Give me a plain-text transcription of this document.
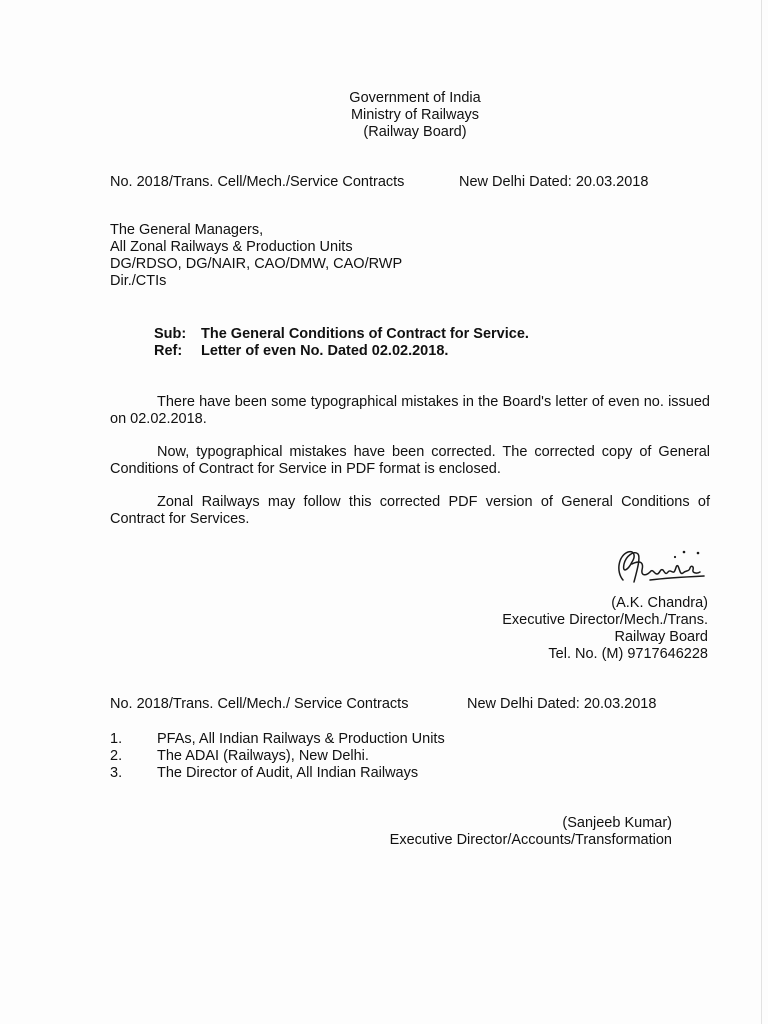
Government of India
Ministry of Railways
(Railway Board)
No. 2018/Trans. Cell/Mech./Service Contracts	New Delhi Dated: 20.03.2018
The General Managers,
All Zonal Railways & Production Units
DG/RDSO, DG/NAIR, CAO/DMW, CAO/RWP
Dir./CTIs
Sub: The General Conditions of Contract for Service.
Ref: Letter of even No. Dated 02.02.2018.
There have been some typographical mistakes in the Board's letter of even no. issued on 02.02.2018.
Now, typographical mistakes have been corrected. The corrected copy of General Conditions of Contract for Service in PDF format is enclosed.
Zonal Railways may follow this corrected PDF version of General Conditions of Contract for Services.
(A.K. Chandra)
Executive Director/Mech./Trans.
Railway Board
Tel. No. (M) 9717646228
No. 2018/Trans. Cell/Mech./ Service Contracts	New Delhi Dated: 20.03.2018
1. PFAs, All Indian Railways & Production Units
2. The ADAI (Railways), New Delhi.
3. The Director of Audit, All Indian Railways
(Sanjeeb Kumar)
Executive Director/Accounts/Transformation
